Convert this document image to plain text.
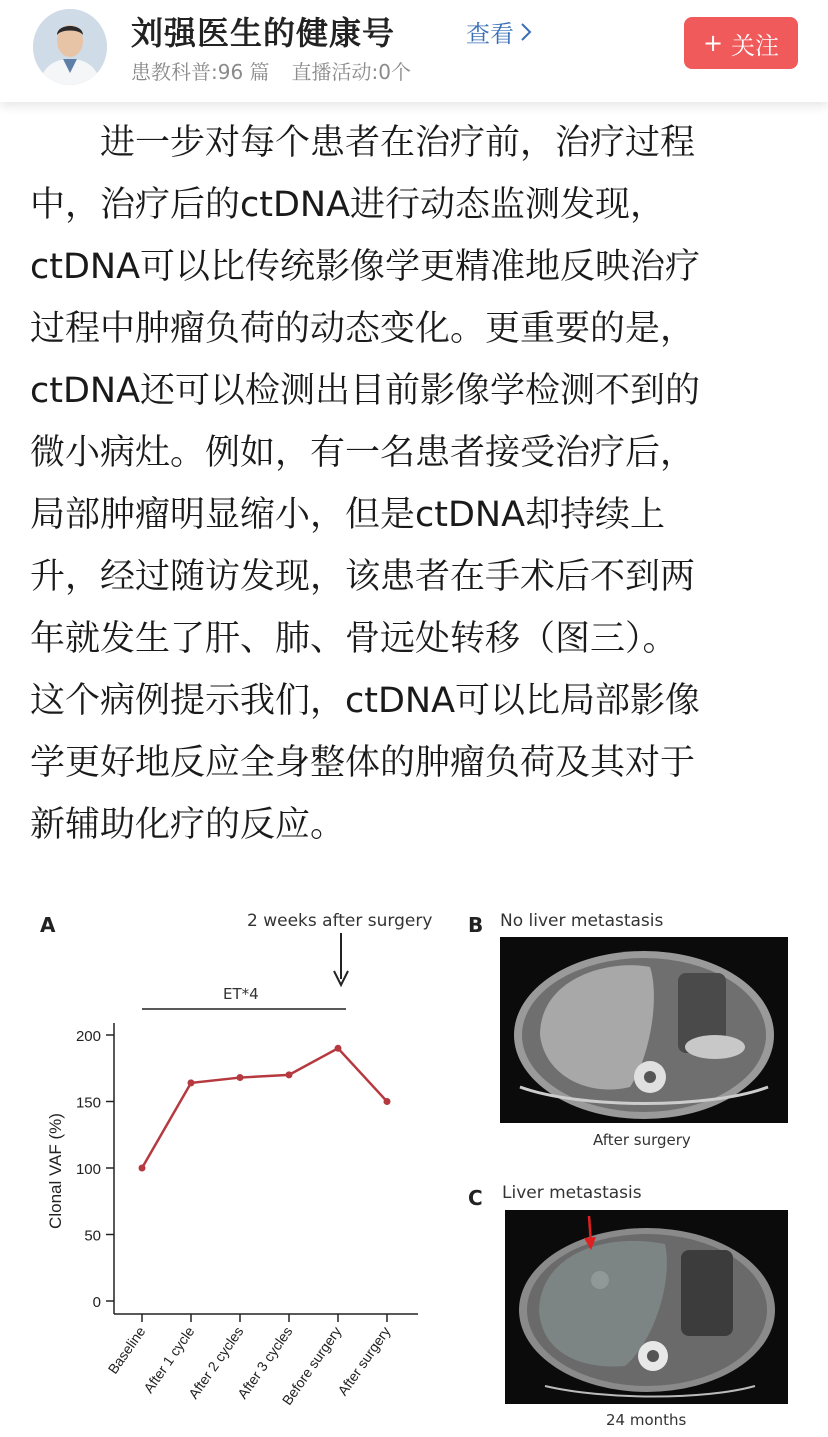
刘强医生的健康号
患教科普:96 篇 直播活动:0个
查看	+ 关注
进一步对每个患者在治疗前，治疗过程
中，治疗后的ctDNA进行动态监测发现，
ctDNA可以比传统影像学更精准地反映治疗
过程中肿瘤负荷的动态变化。更重要的是，
ctDNA还可以检测出目前影像学检测不到的
微小病灶。例如，有一名患者接受治疗后，
局部肿瘤明显缩小，但是ctDNA却持续上
升，经过随访发现，该患者在手术后不到两
年就发生了肝、肺、骨远处转移（图三）。
这个病例提示我们，ctDNA可以比局部影像
学更好地反应全身整体的肿瘤负荷及其对于
新辅助化疗的反应。
A	2 weeks after surgery
ET*4
0
50
100
150
200
Baseline
After 1 cycle
After 2 cycles
After 3 cycles
Before surgery
After surgery
Clonal VAF (%)
B No liver metastasis
After surgery
C Liver metastasis
24 months
